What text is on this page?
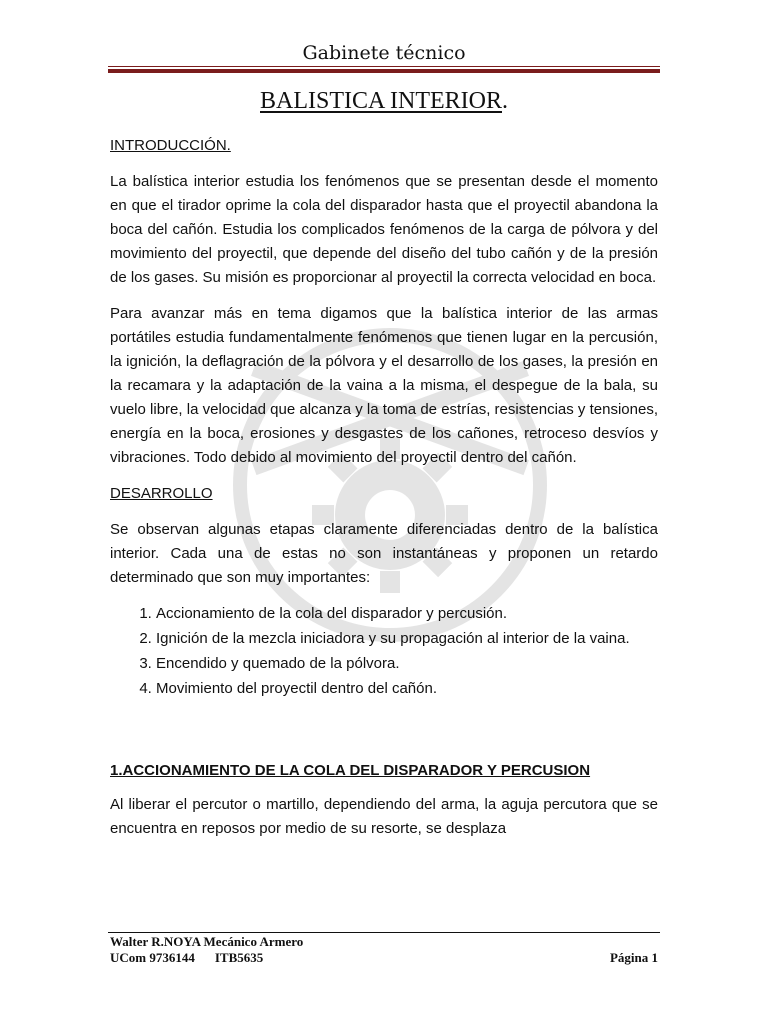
Gabinete técnico
BALISTICA INTERIOR.
INTRODUCCIÓN.

La balística interior estudia los fenómenos que se presentan desde el momento en que el tirador oprime la cola del disparador hasta que el proyectil abandona la boca del cañón. Estudia los complicados fenómenos de la carga de pólvora y del movimiento del proyectil, que depende del diseño del tubo cañón y de la presión de los gases. Su misión es proporcionar al proyectil la correcta velocidad en boca.

Para avanzar más en tema digamos que la balística interior de las armas portátiles estudia fundamentalmente fenómenos que tienen lugar en la percusión, la ignición, la deflagración de la pólvora y el desarrollo de los gases, la presión en la recamara y la adaptación de la vaina a la misma, el despegue de la bala, su vuelo libre, la velocidad que alcanza y la toma de estrías, resistencias y tensiones, energía en la boca, erosiones y desgastes de los cañones, retroceso desvíos y vibraciones. Todo debido al movimiento del proyectil dentro del cañón.

DESARROLLO

Se observan algunas etapas claramente diferenciadas dentro de la balística interior. Cada una de estas no son instantáneas y proponen un retardo determinado que son muy importantes:

1. Accionamiento de la cola del disparador y percusión.
2. Ignición de la mezcla iniciadora y su propagación al interior de la vaina.
3. Encendido y quemado de la pólvora.
4. Movimiento del proyectil dentro del cañón.
1.ACCIONAMIENTO DE LA COLA DEL DISPARADOR Y PERCUSION

Al liberar el percutor o martillo, dependiendo del arma, la aguja percutora que se encuentra en reposos por medio de su resorte, se desplaza

Walter R.NOYA Mecánico Armero
UCom 9736144 ITB5635	Página 1
